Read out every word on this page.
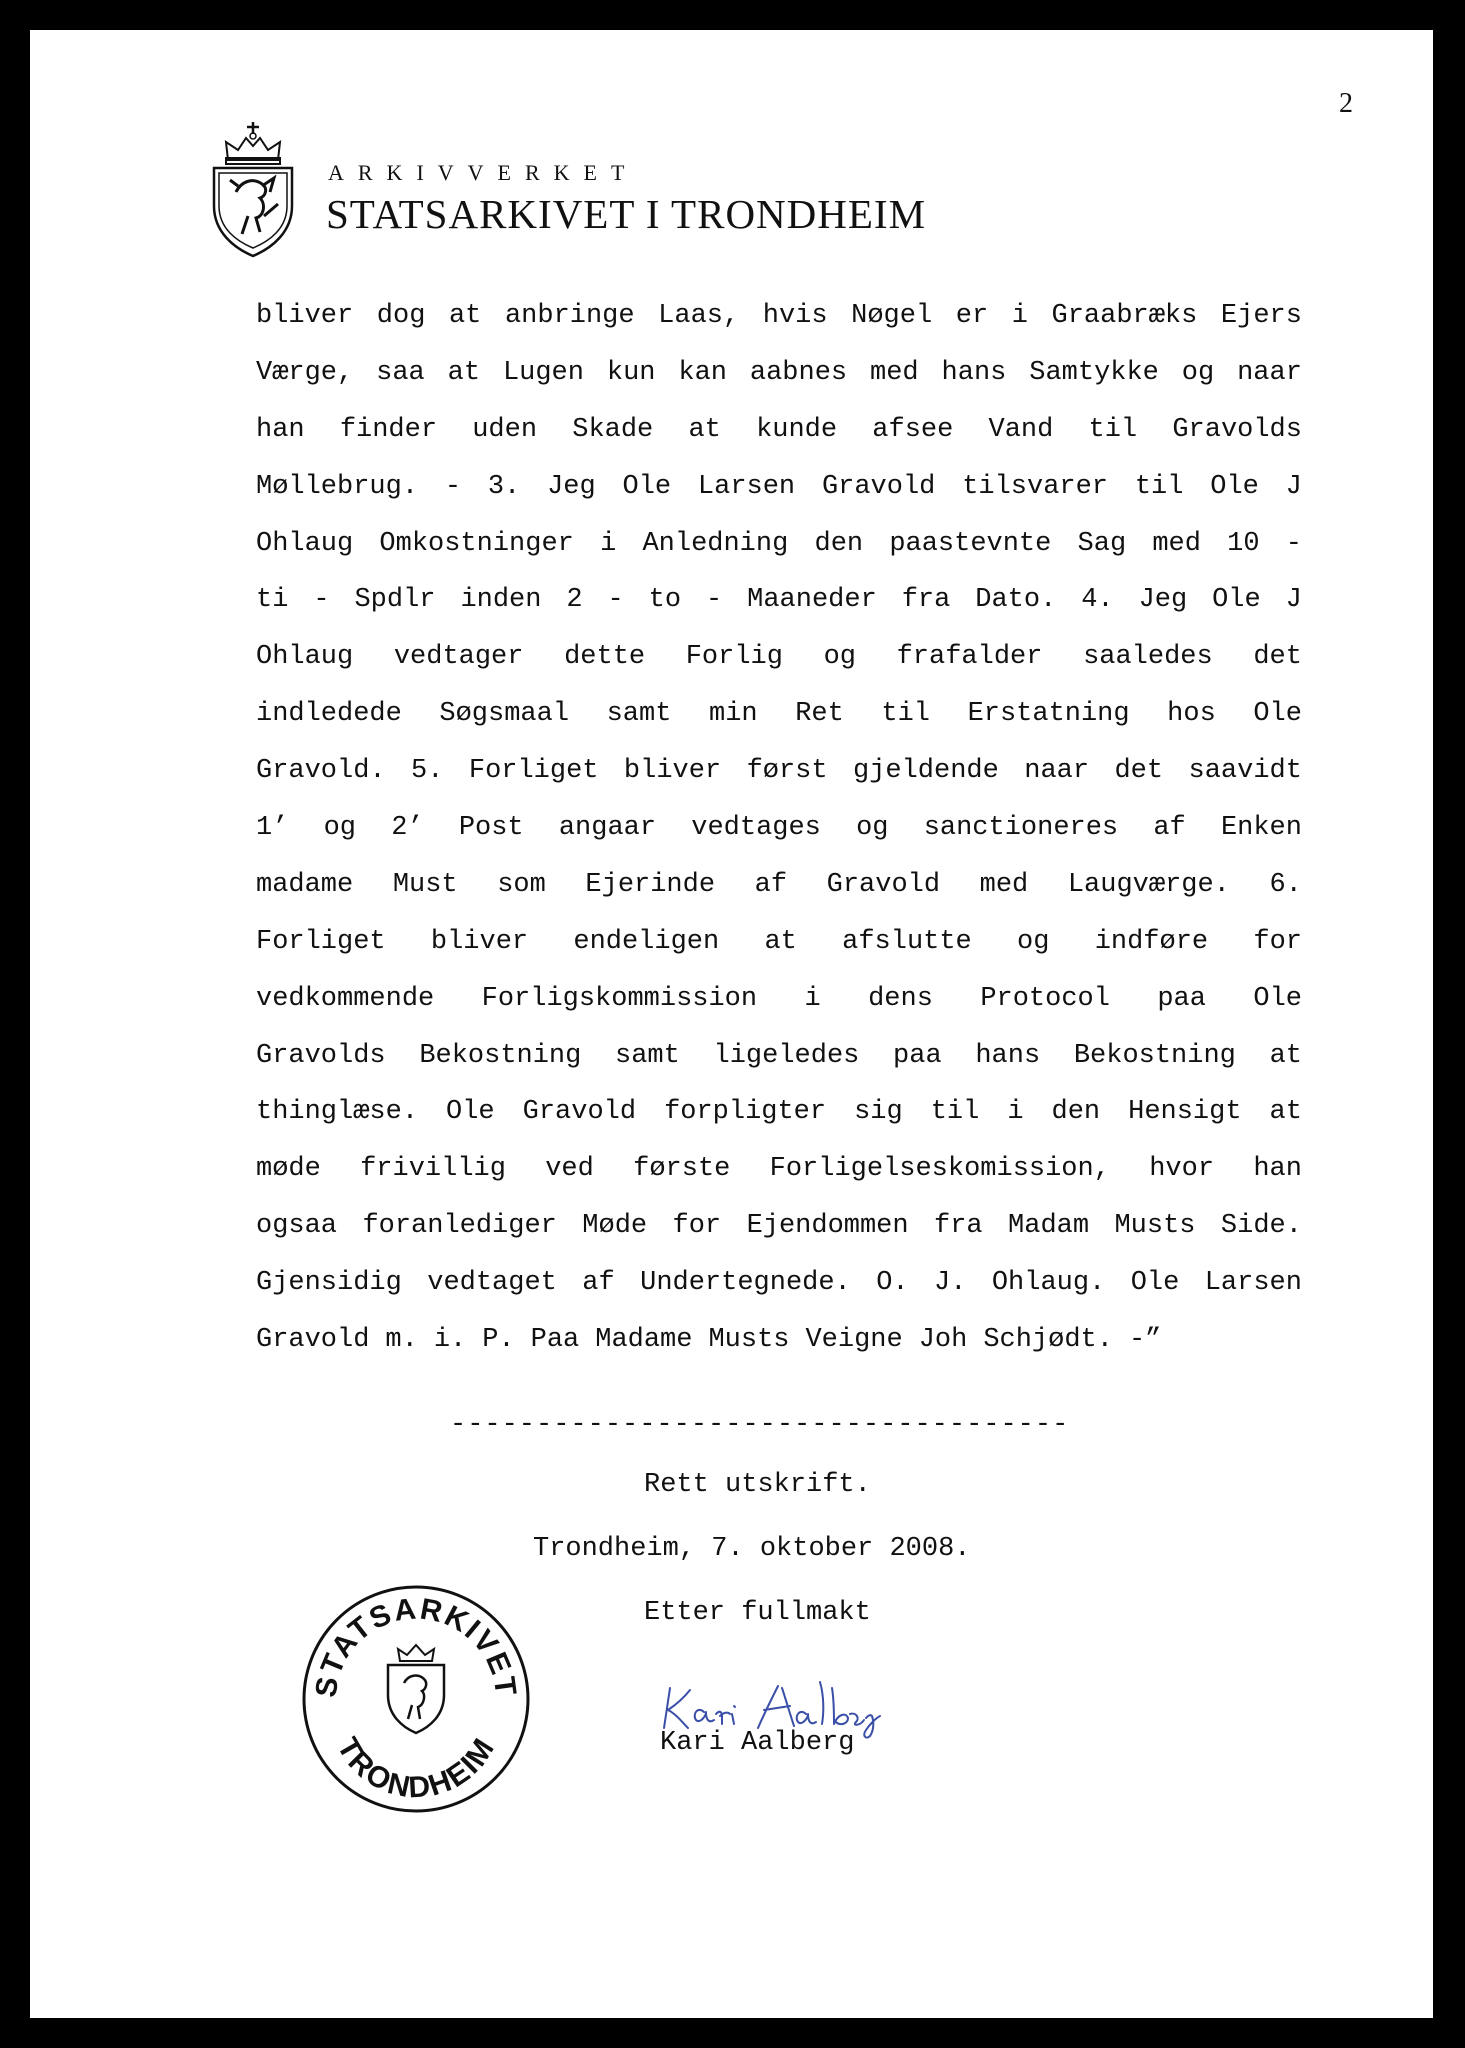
2
ARKIVVERKET
STATSARKIVET I TRONDHEIM
bliver dog at anbringe Laas, hvis Nøgel er i Graabræks Ejers
Værge, saa at Lugen kun kan aabnes med hans Samtykke og naar
han finder uden Skade at kunde afsee Vand til Gravolds
Møllebrug. - 3. Jeg Ole Larsen Gravold tilsvarer til Ole J
Ohlaug Omkostninger i Anledning den paastevnte Sag med 10 -
ti - Spdlr inden 2 - to - Maaneder fra Dato. 4. Jeg Ole J
Ohlaug vedtager dette Forlig og frafalder saaledes det
indledede Søgsmaal samt min Ret til Erstatning hos Ole
Gravold. 5. Forliget bliver først gjeldende naar det saavidt
1’ og 2’ Post angaar vedtages og sanctioneres af Enken
madame Must som Ejerinde af Gravold med Laugværge. 6.
Forliget bliver endeligen at afslutte og indføre for
vedkommende Forligskommission i dens Protocol paa Ole
Gravolds Bekostning samt ligeledes paa hans Bekostning at
thinglæse. Ole Gravold forpligter sig til i den Hensigt at
møde frivillig ved første Forligelseskomission, hvor han
ogsaa foranlediger Møde for Ejendommen fra Madam Musts Side.
Gjensidig vedtaget af Undertegnede. O. J. Ohlaug. Ole Larsen
Gravold m. i. P. Paa Madame Musts Veigne Joh Schjødt. -”
------------------------------------
Rett utskrift.
Trondheim, 7. oktober 2008.
Etter fullmakt
STATSARKIVET
TRONDHEIM	Kari Aalberg
